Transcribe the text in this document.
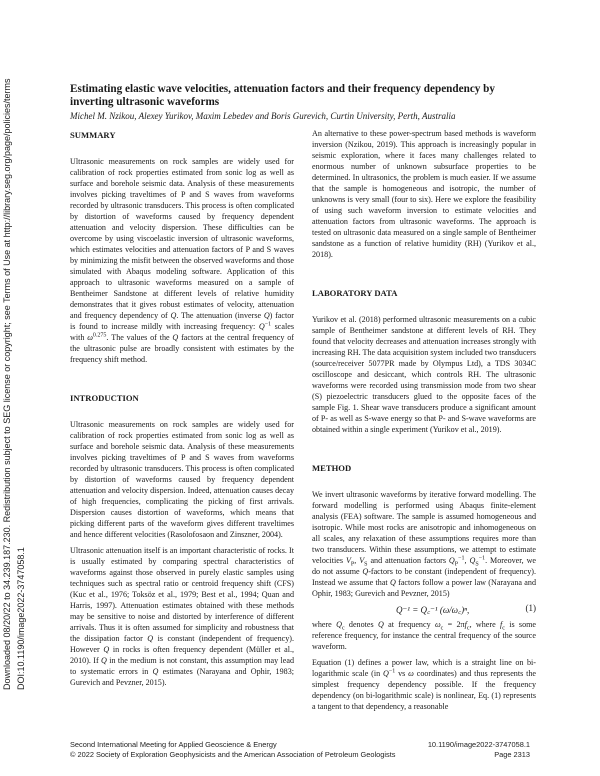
Downloaded 08/20/22 to 34.239.187.230. Redistribution subject to SEG license or copyright; see Terms of Use at http://library.seg.org/page/policies/terms DOI:10.1190/image2022-3747058.1
Estimating elastic wave velocities, attenuation factors and their frequency dependency by inverting ultrasonic waveforms
Michel M. Nzikou, Alexey Yurikov, Maxim Lebedev and Boris Gurevich, Curtin University, Perth, Australia

SUMMARY

Ultrasonic measurements on rock samples are widely used for calibration of rock properties estimated from sonic log as well as surface and borehole seismic data. Analysis of these measurements involves picking traveltimes of P and S waves from waveforms recorded by ultrasonic transducers. This process is often complicated by distortion of waveforms caused by frequency dependent attenuation and velocity dispersion. These difficulties can be overcome by using viscoelastic inversion of ultrasonic waveforms, which estimates velocities and attenuation factors of P and S waves by minimizing the misfit between the observed waveforms and those simulated with Abaqus modeling software. Application of this approach to ultrasonic waveforms measured on a sample of Bentheimer Sandstone at different levels of relative humidity demonstrates that it gives robust estimates of velocity, attenuation and frequency dependency of Q. The attenuation (inverse Q) factor is found to increase mildly with increasing frequency: $Q^{-1}$ scales with $\omega^{0.275}$. The values of the Q factors at the central frequency of the ultrasonic pulse are broadly consistent with estimates by the frequency shift method.

INTRODUCTION

Ultrasonic measurements on rock samples are widely used for calibration of rock properties estimated from sonic log as well as surface and borehole seismic data. Analysis of these measurements involves picking traveltimes of P and S waves from waveforms recorded by ultrasonic transducers. This process is often complicated by distortion of waveforms caused by frequency dependent attenuation and velocity dispersion. Indeed, attenuation causes decay of high frequencies, complicating the picking of first arrivals. Dispersion causes distortion of waveforms, which means that picking different parts of the waveform gives different traveltimes and hence different velocities (Rasolofosaon and Zinszner, 2004).

Ultrasonic attenuation itself is an important characteristic of rocks. It is usually estimated by comparing spectral characteristics of waveforms against those observed in purely elastic samples using techniques such as spectral ratio or centroid frequency shift (CFS) (Kuc et al., 1976; Toksöz et al., 1979; Best et al., 1994; Quan and Harris, 1997). Attenuation estimates obtained with these methods may be sensitive to noise and distorted by interference of different arrivals. Thus it is often assumed for simplicity and robustness that the dissipation factor Q is constant (independent of frequency). However Q in rocks is often frequency dependent (Müller et al., 2010). If Q in the medium is not constant, this assumption may lead to systematic errors in Q estimates (Narayana and Ophir, 1983; Gurevich and Pevzner, 2015).

An alternative to these power-spectrum based methods is waveform inversion (Nzikou, 2019). This approach is increasingly popular in seismic exploration, where it faces many challenges related to enormous number of unknown subsurface properties to be determined. In ultrasonics, the problem is much easier. If we assume that the sample is homogeneous and isotropic, the number of unknowns is very small (four to six). Here we explore the feasibility of using such waveform inversion to estimate velocities and attenuation factors from ultrasonic waveforms. The approach is tested on ultrasonic data measured on a single sample of Bentheimer sandstone as a function of relative humidity (RH) (Yurikov et al., 2018).

LABORATORY DATA

Yurikov et al. (2018) performed ultrasonic measurements on a cubic sample of Bentheimer sandstone at different levels of RH. They found that velocity decreases and attenuation increases strongly with increasing RH. The data acquisition system included two transducers (source/receiver 5077PR made by Olympus Ltd), a TDS 3034C oscilloscope and desiccant, which controls RH. The ultrasonic waveforms were recorded using transmission mode from two shear (S) piezoelectric transducers glued to the opposite faces of the sample Fig. 1. Shear wave transducers produce a significant amount of P- as well as S-wave energy so that P- and S-wave waveforms are obtained within a single experiment (Yurikov et al., 2019).

METHOD

We invert ultrasonic waveforms by iterative forward modelling. The forward modelling is performed using Abaqus finite-element analysis (FEA) software. The sample is assumed homogeneous and isotropic. While most rocks are anisotropic and inhomogeneous on all scales, any relaxation of these assumptions requires more than two transducers. Within these assumptions, we attempt to estimate velocities $V_P$, $V_S$ and attenuation factors $Q_P^{-1}$, $Q_S^{-1}$. Moreover, we do not assume Q-factors to be constant (independent of frequency). Instead we assume that Q factors follow a power law (Narayana and Ophir, 1983; Gurevich and Pevzner, 2015)

Q⁻¹ = Q꜀⁻¹ (ω/ω꜀)ⁿ,	(1)

where $Q_c$ denotes Q at frequency $\omega_c = 2\pi f_c$, where $f_c$ is some reference frequency, for instance the central frequency of the source waveform.

Equation (1) defines a power law, which is a straight line on bi-logarithmic scale (in $Q^{-1}$ vs ω coordinates) and thus represents the simplest frequency dependency possible. If the frequency dependency (on bi-logarithmic scale) is nonlinear, Eq. (1) represents a tangent to that dependency, a reasonable

Second International Meeting for Applied Geoscience & Energy	10.1190/image2022-3747058.1
© 2022 Society of Exploration Geophysicists and the American Association of Petroleum Geologists	Page 2313
